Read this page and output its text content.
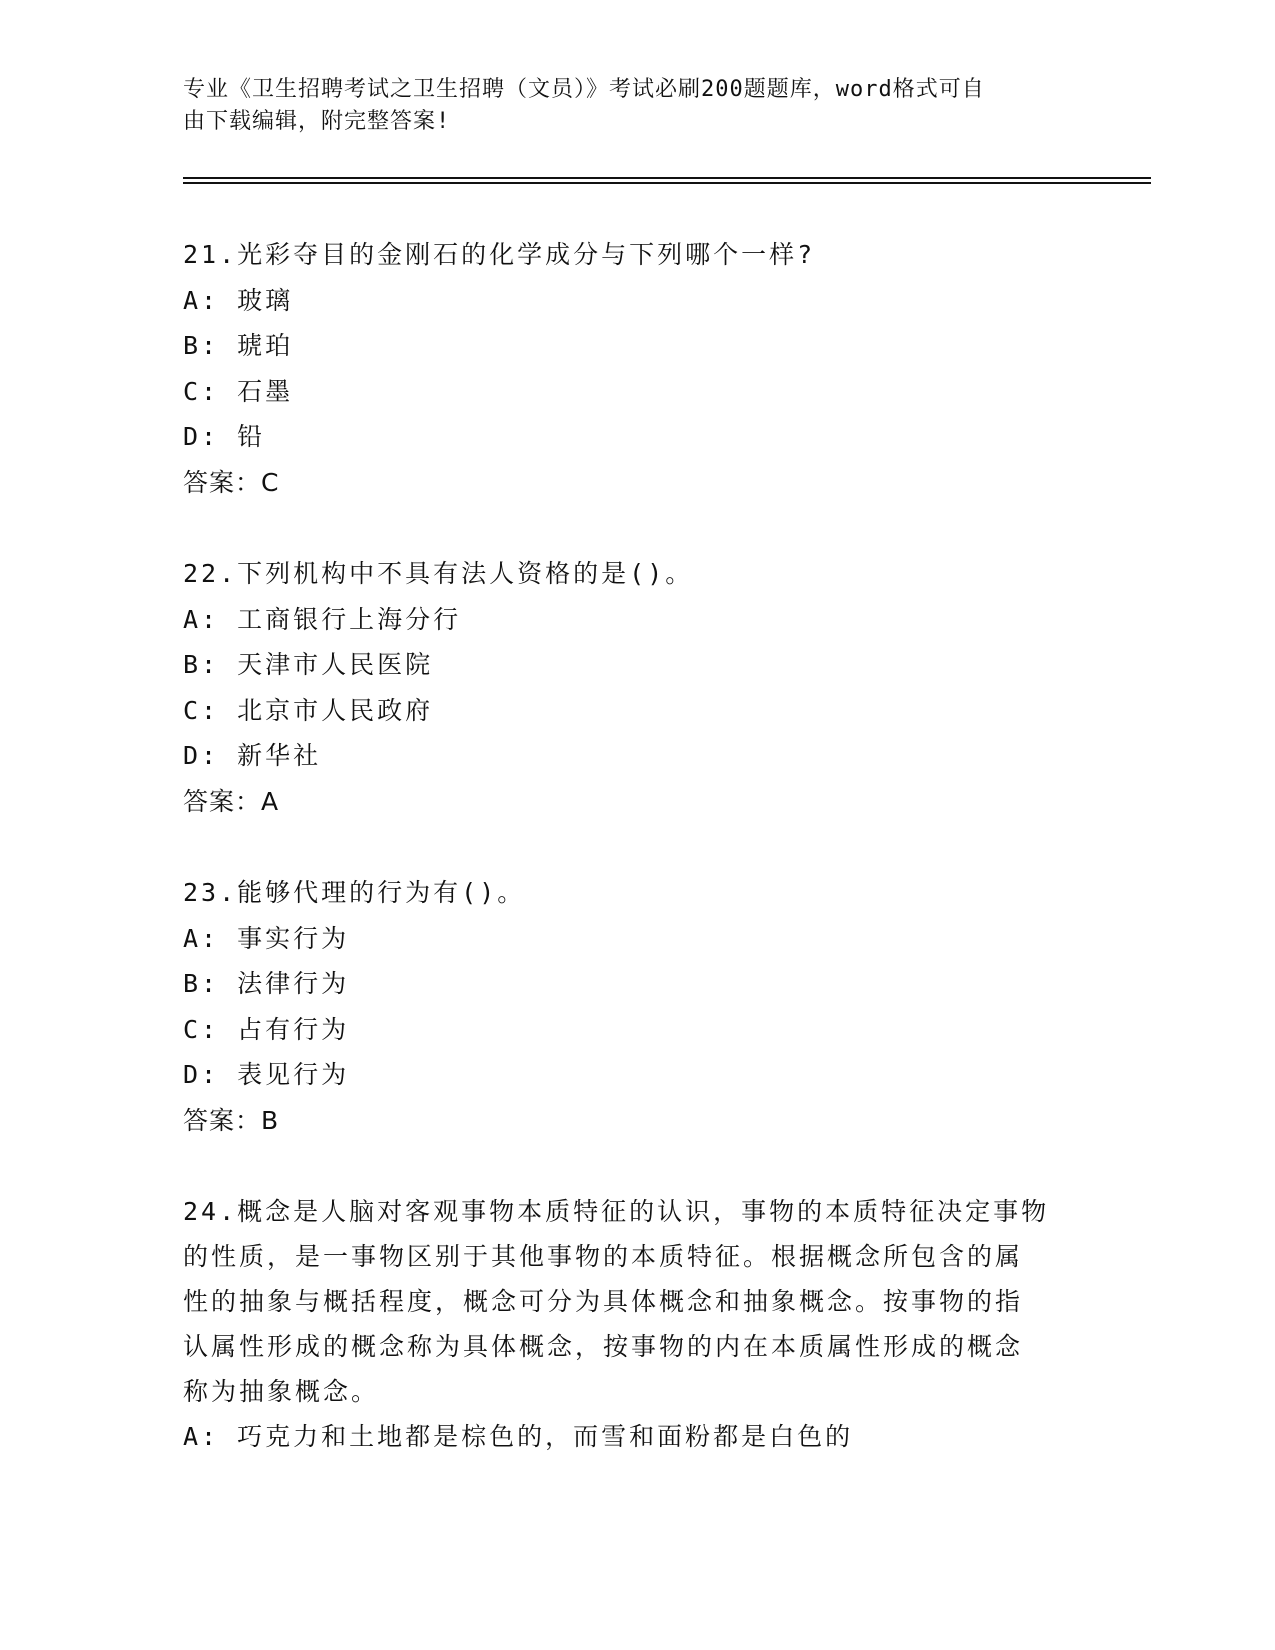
专业《卫生招聘考试之卫生招聘（文员）》考试必刷200题题库，word格式可自
由下载编辑，附完整答案!
21.光彩夺目的金刚石的化学成分与下列哪个一样?
A: 玻璃
B: 琥珀
C: 石墨
D: 铅
答案：C
22.下列机构中不具有法人资格的是()。
A: 工商银行上海分行
B: 天津市人民医院
C: 北京市人民政府
D: 新华社
答案：A
23.能够代理的行为有()。
A: 事实行为
B: 法律行为
C: 占有行为
D: 表见行为
答案：B
24.概念是人脑对客观事物本质特征的认识，事物的本质特征决定事物
的性质，是一事物区别于其他事物的本质特征。根据概念所包含的属
性的抽象与概括程度，概念可分为具体概念和抽象概念。按事物的指
认属性形成的概念称为具体概念，按事物的内在本质属性形成的概念
称为抽象概念。
A: 巧克力和土地都是棕色的，而雪和面粉都是白色的
